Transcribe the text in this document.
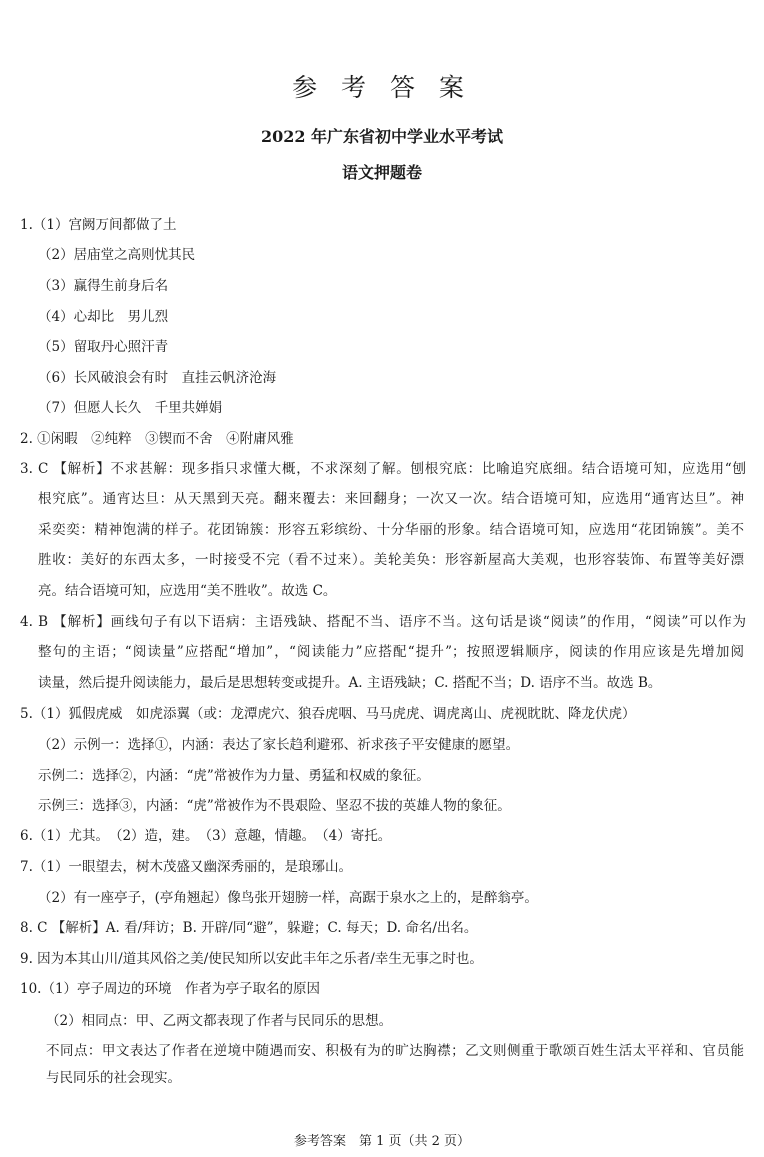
参 考 答 案
2022 年广东省初中学业水平考试
语文押题卷
1.（1）宫阙万间都做了土
（2）居庙堂之高则忧其民
（3）赢得生前身后名
（4）心却比　男儿烈
（5）留取丹心照汗青
（6）长风破浪会有时　直挂云帆济沧海
（7）但愿人长久　千里共婵娟
2. ①闲暇　②纯粹　③锲而不舍　④附庸风雅
3. C 【解析】不求甚解：现多指只求懂大概，不求深刻了解。刨根究底：比喻追究底细。结合语境可知，应选用“刨
根究底”。通宵达旦：从天黑到天亮。翻来覆去：来回翻身；一次又一次。结合语境可知，应选用“通宵达旦”。神
采奕奕：精神饱满的样子。花团锦簇：形容五彩缤纷、十分华丽的形象。结合语境可知，应选用“花团锦簇”。美不
胜收：美好的东西太多，一时接受不完（看不过来）。美轮美奂：形容新屋高大美观，也形容装饰、布置等美好漂
亮。结合语境可知，应选用“美不胜收”。故选 C。
4. B 【解析】画线句子有以下语病：主语残缺、搭配不当、语序不当。这句话是谈“阅读”的作用，“阅读”可以作为
整句的主语；“阅读量”应搭配“增加”，“阅读能力”应搭配“提升”；按照逻辑顺序，阅读的作用应该是先增加阅
读量，然后提升阅读能力，最后是思想转变或提升。A. 主语残缺；C. 搭配不当；D. 语序不当。故选 B。
5.（1）狐假虎威　如虎添翼（或：龙潭虎穴、狼吞虎咽、马马虎虎、调虎离山、虎视眈眈、降龙伏虎）
（2）示例一：选择①，内涵：表达了家长趋利避邪、祈求孩子平安健康的愿望。
示例二：选择②，内涵：“虎”常被作为力量、勇猛和权威的象征。
示例三：选择③，内涵：“虎”常被作为不畏艰险、坚忍不拔的英雄人物的象征。
6.（1）尤其。　（2）造，建。　（3）意趣，情趣。　（4）寄托。
7.（1）一眼望去，树木茂盛又幽深秀丽的，是琅琊山。
（2）有一座亭子，(亭角翘起）像鸟张开翅膀一样，高踞于泉水之上的，是醉翁亭。
8. C 【解析】A. 看/拜访；B. 开辟/同“避”，躲避；C. 每天；D. 命名/出名。
9. 因为本其山川/道其风俗之美/使民知所以安此丰年之乐者/幸生无事之时也。
10.（1）亭子周边的环境　作者为亭子取名的原因
（2）相同点：甲、乙两文都表现了作者与民同乐的思想。
不同点：甲文表达了作者在逆境中随遇而安、积极有为的旷达胸襟；乙文则侧重于歌颂百姓生活太平祥和、官员能
与民同乐的社会现实。
参考答案　第 1 页（共 2 页）
